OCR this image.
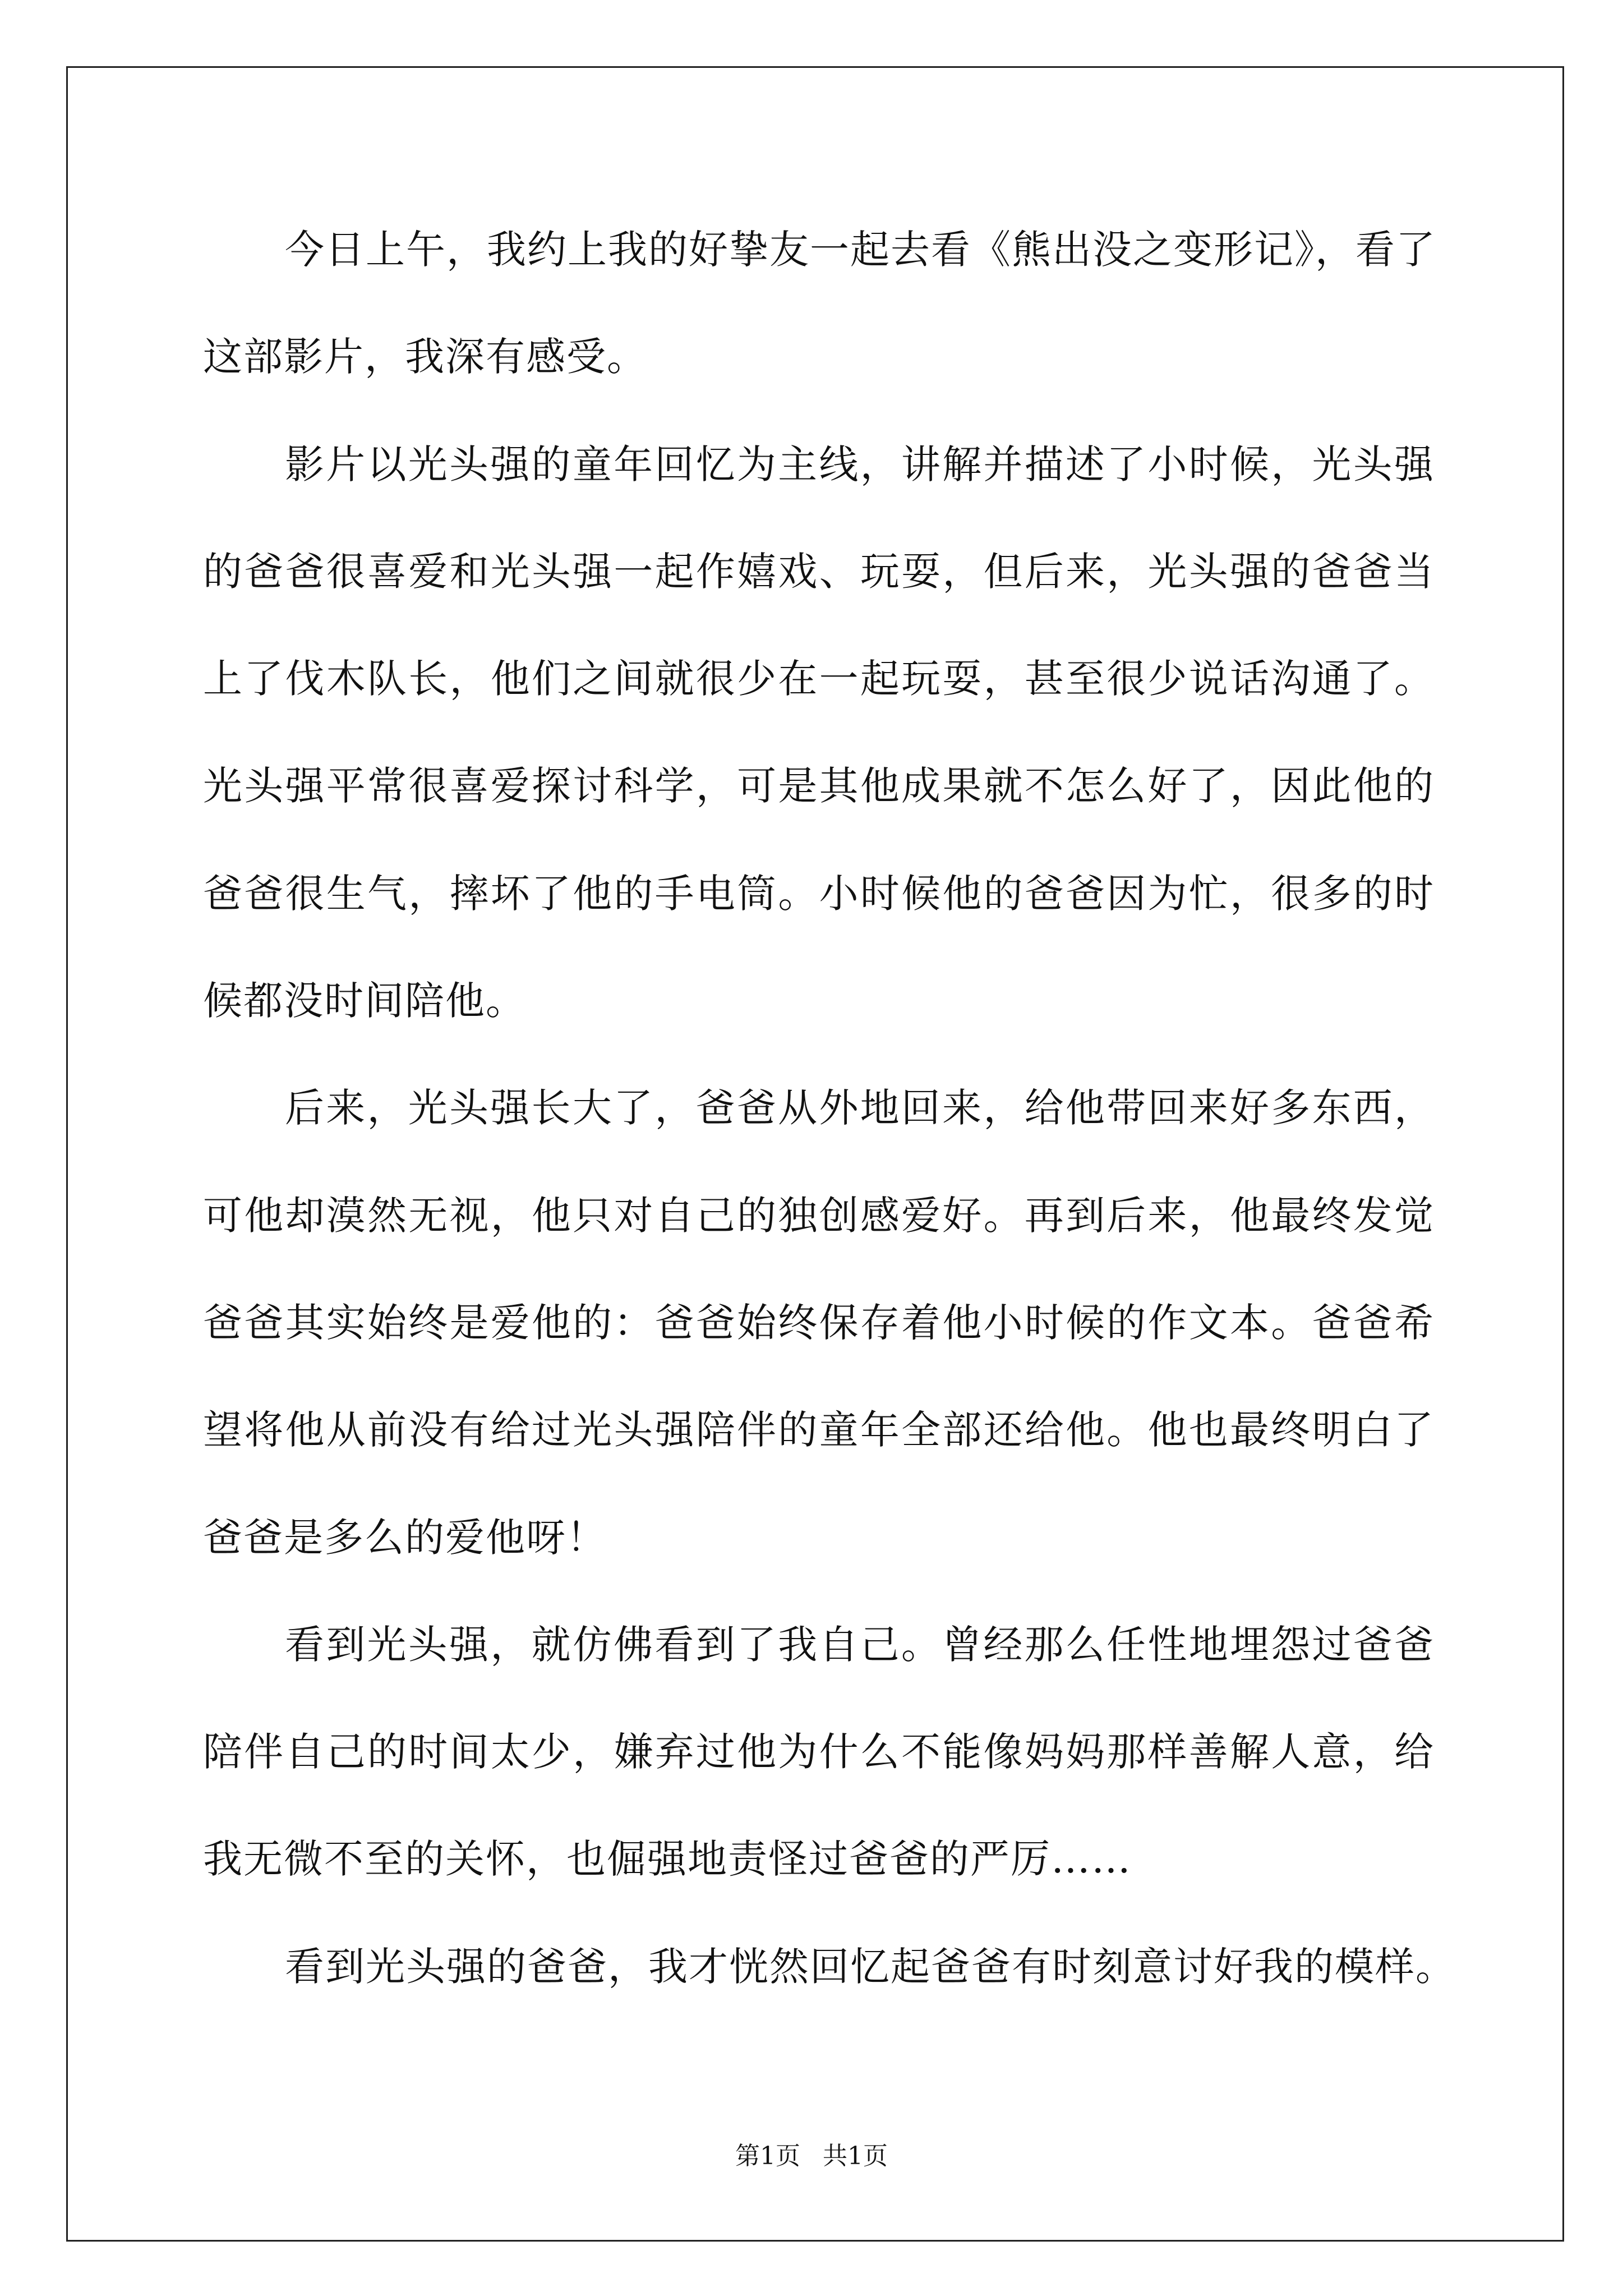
今日上午，我约上我的好挚友一起去看《熊出没之变形记》，看了
这部影片，我深有感受。
影片以光头强的童年回忆为主线，讲解并描述了小时候，光头强
的爸爸很喜爱和光头强一起作嬉戏、玩耍，但后来，光头强的爸爸当
上了伐木队长，他们之间就很少在一起玩耍，甚至很少说话沟通了。
光头强平常很喜爱探讨科学，可是其他成果就不怎么好了，因此他的
爸爸很生气，摔坏了他的手电筒。小时候他的爸爸因为忙，很多的时
候都没时间陪他。
后来，光头强长大了，爸爸从外地回来，给他带回来好多东西，
可他却漠然无视，他只对自己的独创感爱好。再到后来，他最终发觉
爸爸其实始终是爱他的：爸爸始终保存着他小时候的作文本。爸爸希
望将他从前没有给过光头强陪伴的童年全部还给他。他也最终明白了
爸爸是多么的爱他呀！
看到光头强，就仿佛看到了我自己。曾经那么任性地埋怨过爸爸
陪伴自己的时间太少，嫌弃过他为什么不能像妈妈那样善解人意，给
我无微不至的关怀，也倔强地责怪过爸爸的严厉……
看到光头强的爸爸，我才恍然回忆起爸爸有时刻意讨好我的模样。
第1页 共1页
